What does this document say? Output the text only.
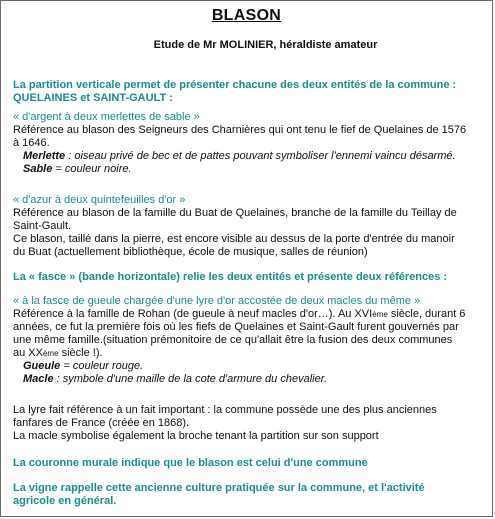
BLASON
Etude de Mr MOLINIER, héraldiste amateur
La partition verticale permet de présenter chacune des deux entités de la commune :
QUELAINES et SAINT-GAULT :
« d'argent à deux merlettes de sable »
Référence au blason des Seigneurs des Charnières qui ont tenu le fief de Quelaines de 1576
à 1646.
Merlette : oiseau privé de bec et de pattes pouvant symboliser l'ennemi vaincu désarmé.
Sable = couleur noire.
« d'azur à deux quintefeuilles d'or »
Référence au blason de la famille du Buat de Quelaines, branche de la famille du Teillay de
Saint-Gault.
Ce blason, taillé dans la pierre, est encore visible au dessus de la porte d'entrée du manoir
du Buat (actuellement bibliothèque, école de musique, salles de réunion)
La « fasce » (bande horizontale) relie les deux entités et présente deux références :
« à la fasce de gueule chargée d'une lyre d'or accostée de deux macles du même »
Référence à la famille de Rohan (de gueule à neuf macles d'or…). Au XVIème siècle, durant 6
années, ce fut la première fois où les fiefs de Quelaines et Saint-Gault furent gouvernés par
une même famille.(situation prémonitoire de ce qu'allait être la fusion des deux communes
au XXème siècle !).
Gueule = couleur rouge.
Macle : symbole d'une maille de la cote d'armure du chevalier.
La lyre fait référence à un fait important : la commune possède une des plus anciennes
fanfares de France (créée en 1868).
La macle symbolise également la broche tenant la partition sur son support
La couronne murale indique que le blason est celui d'une commune
La vigne rappelle cette ancienne culture pratiquée sur la commune, et l'activité
agricole en général.
